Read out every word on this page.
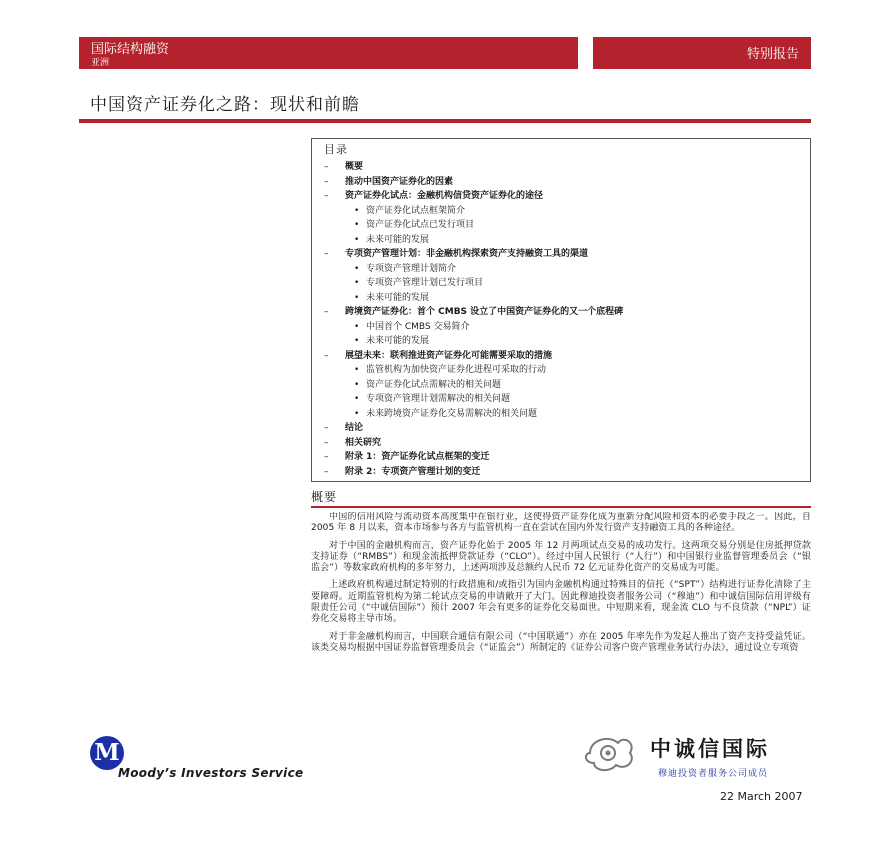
国际结构融资
亚洲
特别报告
中国资产证券化之路：现状和前瞻
目录
– 概要
– 推动中国资产证券化的因素
– 资产证券化试点：金融机构信贷资产证券化的途径
• 资产证券化试点框架简介
• 资产证券化试点已发行项目
• 未来可能的发展
– 专项资产管理计划：非金融机构探索资产支持融资工具的渠道
• 专项资产管理计划简介
• 专项资产管理计划已发行项目
• 未来可能的发展
– 跨境资产证券化：首个 CMBS 设立了中国资产证券化的又一个底程碑
• 中国首个 CMBS 交易简介
• 未来可能的发展
– 展望未来：联利推进资产证券化可能需要采取的措施
• 监管机构为加快资产证券化进程可采取的行动
• 资产证券化试点需解决的相关问题
• 专项资产管理计划需解决的相关问题
• 未来跨境资产证券化交易需解决的相关问题
– 结论
– 相关研究
– 附录 1：资产证券化试点框架的变迁
– 附录 2：专项资产管理计划的变迁
概要

中国的信用风险与流动资本高度集中在银行业，这使得资产证券化成为重新分配风险和资本的必要手段之一。因此，自 2005 年 8 月以来，资本市场参与各方与监管机构一直在尝试在国内外发行资产支持融资工具的各种途径。

对于中国的金融机构而言，资产证券化始于 2005 年 12 月两项试点交易的成功发行。这两项交易分别是住房抵押贷款支持证券（“RMBS”）和现金流抵押贷款证券（“CLO”）。经过中国人民银行（“人行”）和中国银行业监督管理委员会（“银监会”）等数家政府机构的多年努力，上述两项涉及总额约人民币 72 亿元证券化资产的交易成为可能。

上述政府机构通过制定特别的行政措施和/或指引为国内金融机构通过特殊目的信托（“SPT”）结构进行证券化清除了主要障碍。近期监管机构为第二轮试点交易的申请敞开了大门。因此穆迪投资者服务公司（“穆迪”）和中诚信国际信用评级有限责任公司（“中诚信国际”）预计 2007 年会有更多的证券化交易面世。中短期来看，现金流 CLO 与不良贷款（“NPL”）证券化交易将主导市场。

对于非金融机构而言，中国联合通信有限公司（“中国联通”）亦在 2005 年率先作为发起人推出了资产支持受益凭证。该类交易均根据中国证券监督管理委员会（“证监会”）所制定的《证券公司客户资产管理业务试行办法》，通过设立专项资

M
Moody’s Investors Service
中诚信国际
穆迪投资者服务公司成员
22 March 2007
